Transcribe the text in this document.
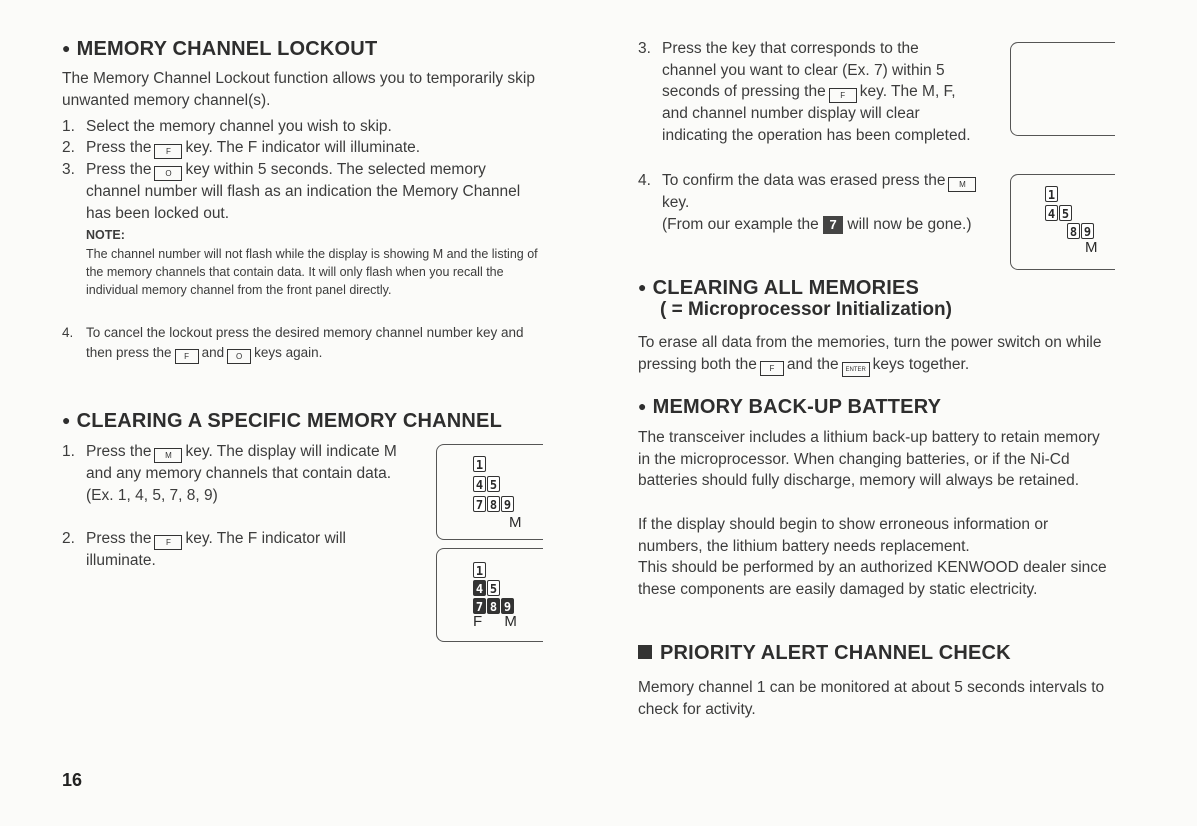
● MEMORY CHANNEL LOCKOUT

The Memory Channel Lockout function allows you to temporarily skip unwanted memory channel(s).

1. Select the memory channel you wish to skip.
2. Press the F key. The F indicator will illuminate.
3. Press the O key within 5 seconds. The selected memory channel number will flash as an indication the Memory Channel has been locked out.
NOTE:
The channel number will not flash while the display is showing M and the listing of the memory channels that contain data. It will only flash when you recall the individual memory channel from the front panel directly.
4. To cancel the lockout press the desired memory channel number key and then press the F and O keys again.
● CLEARING A SPECIFIC MEMORY CHANNEL
1. Press the M key. The display will indicate M and any memory channels that contain data. (Ex. 1, 4, 5, 7, 8, 9)
2. Press the F key. The F indicator will illuminate.
16
1
4 5
7 8 9
M
1
4 5
7 8 9
F M
3. Press the key that corresponds to the channel you want to clear (Ex. 7) within 5 seconds of pressing the F key. The M, F, and channel number display will clear indicating the operation has been completed.
4. To confirm the data was erased press the Mkey.
(From our example the 7 will now be gone.)
● CLEARING ALL MEMORIES
( = Microprocessor Initialization)

To erase all data from the memories, turn the power switch on while pressing both the F and the ENTER keys together.

● MEMORY BACK-UP BATTERY

The transceiver includes a lithium back-up battery to retain memory in the microprocessor. When changing batteries, or if the Ni-Cd batteries should fully discharge, memory will always be retained.

If the display should begin to show erroneous information or numbers, the lithium battery needs replacement.

This should be performed by an authorized KENWOOD dealer since these components are easily damaged by static electricity.

PRIORITY ALERT CHANNEL CHECK

Memory channel 1 can be monitored at about 5 seconds intervals to check for activity.

1
4 5
8 9
M
